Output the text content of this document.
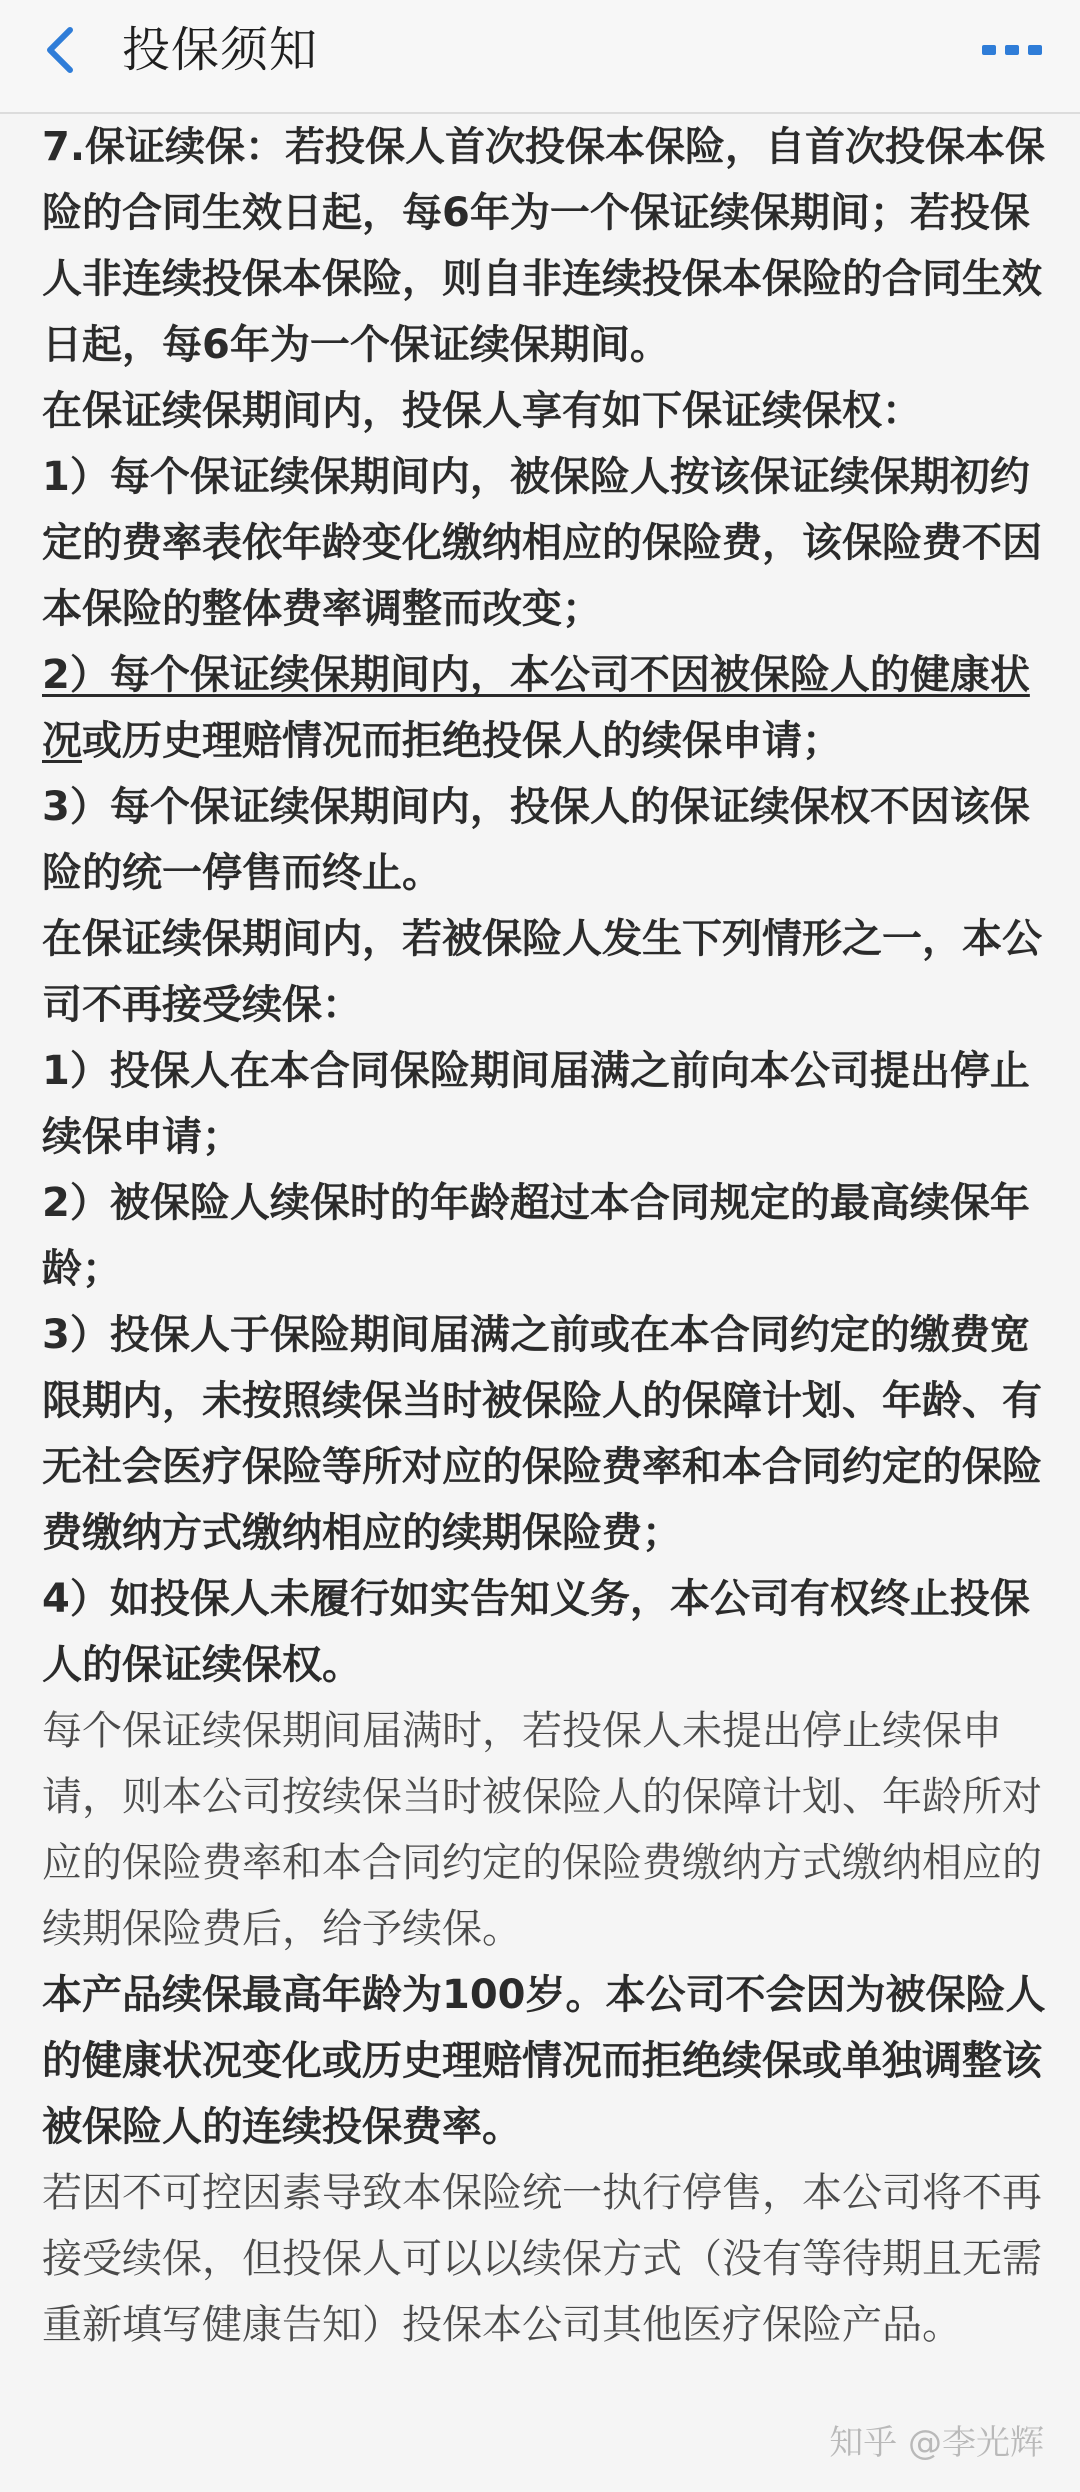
投保须知

7.保证续保：若投保人首次投保本保险，自首次投保本保险的合同生效日起，每6年为一个保证续保期间；若投保人非连续投保本保险，则自非连续投保本保险的合同生效日起，每6年为一个保证续保期间。

在保证续保期间内，投保人享有如下保证续保权：

1）每个保证续保期间内，被保险人按该保证续保期初约定的费率表依年龄变化缴纳相应的保险费，该保险费不因本保险的整体费率调整而改变；

2）每个保证续保期间内，本公司不因被保险人的健康状况或历史理赔情况而拒绝投保人的续保申请；

3）每个保证续保期间内，投保人的保证续保权不因该保险的统一停售而终止。

在保证续保期间内，若被保险人发生下列情形之一，本公司不再接受续保：

1）投保人在本合同保险期间届满之前向本公司提出停止续保申请；

2）被保险人续保时的年龄超过本合同规定的最高续保年龄；

3）投保人于保险期间届满之前或在本合同约定的缴费宽限期内，未按照续保当时被保险人的保障计划、年龄、有无社会医疗保险等所对应的保险费率和本合同约定的保险费缴纳方式缴纳相应的续期保险费；

4）如投保人未履行如实告知义务，本公司有权终止投保人的保证续保权。

每个保证续保期间届满时，若投保人未提出停止续保申请，则本公司按续保当时被保险人的保障计划、年龄所对应的保险费率和本合同约定的保险费缴纳方式缴纳相应的续期保险费后，给予续保。

本产品续保最高年龄为100岁。本公司不会因为被保险人的健康状况变化或历史理赔情况而拒绝续保或单独调整该被保险人的连续投保费率。

若因不可控因素导致本保险统一执行停售，本公司将不再接受续保，但投保人可以以续保方式（没有等待期且无需重新填写健康告知）投保本公司其他医疗保险产品。

知乎 @李光辉
